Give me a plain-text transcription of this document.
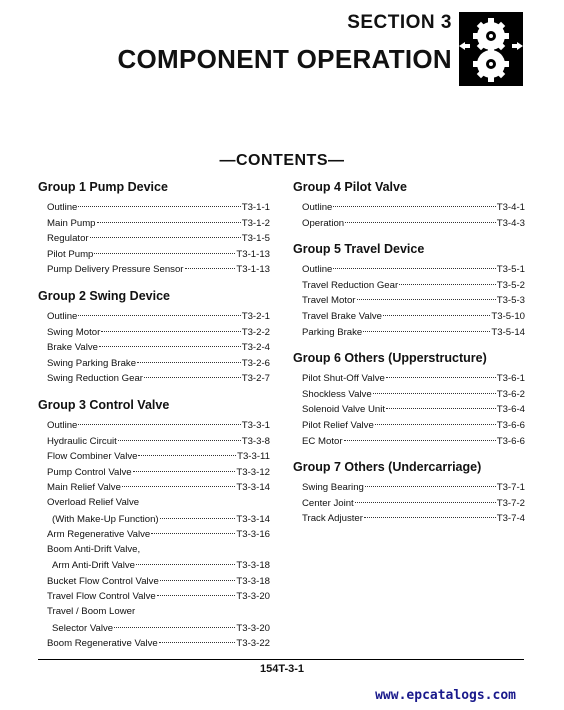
SECTION 3
COMPONENT OPERATION
—CONTENTS—
Group 1 Pump Device
Outline	T3-1-1
Main Pump	T3-1-2
Regulator	T3-1-5
Pilot Pump	T3-1-13
Pump Delivery Pressure Sensor	T3-1-13
Group 2 Swing Device
Outline	T3-2-1
Swing Motor	T3-2-2
Brake Valve	T3-2-4
Swing Parking Brake	T3-2-6
Swing Reduction Gear	T3-2-7
Group 3 Control Valve
Outline	T3-3-1
Hydraulic Circuit	T3-3-8
Flow Combiner Valve	T3-3-11
Pump Control Valve	T3-3-12
Main Relief Valve	T3-3-14
Overload Relief Valve
(With Make-Up Function)	T3-3-14
Arm Regenerative Valve	T3-3-16
Boom Anti-Drift Valve,
Arm Anti-Drift Valve	T3-3-18
Bucket Flow Control Valve	T3-3-18
Travel Flow Control Valve	T3-3-20
Travel / Boom Lower
Selector Valve	T3-3-20
Boom Regenerative Valve	T3-3-22
Group 4 Pilot Valve
Outline	T3-4-1
Operation	T3-4-3
Group 5 Travel Device
Outline	T3-5-1
Travel Reduction Gear	T3-5-2
Travel Motor	T3-5-3
Travel Brake Valve	T3-5-10
Parking Brake	T3-5-14
Group 6 Others (Upperstructure)
Pilot Shut-Off Valve	T3-6-1
Shockless Valve	T3-6-2
Solenoid Valve Unit	T3-6-4
Pilot Relief Valve	T3-6-6
EC Motor	T3-6-6
Group 7 Others (Undercarriage)
Swing Bearing	T3-7-1
Center Joint	T3-7-2
Track Adjuster	T3-7-4
154T-3-1
www.epcatalogs.com
